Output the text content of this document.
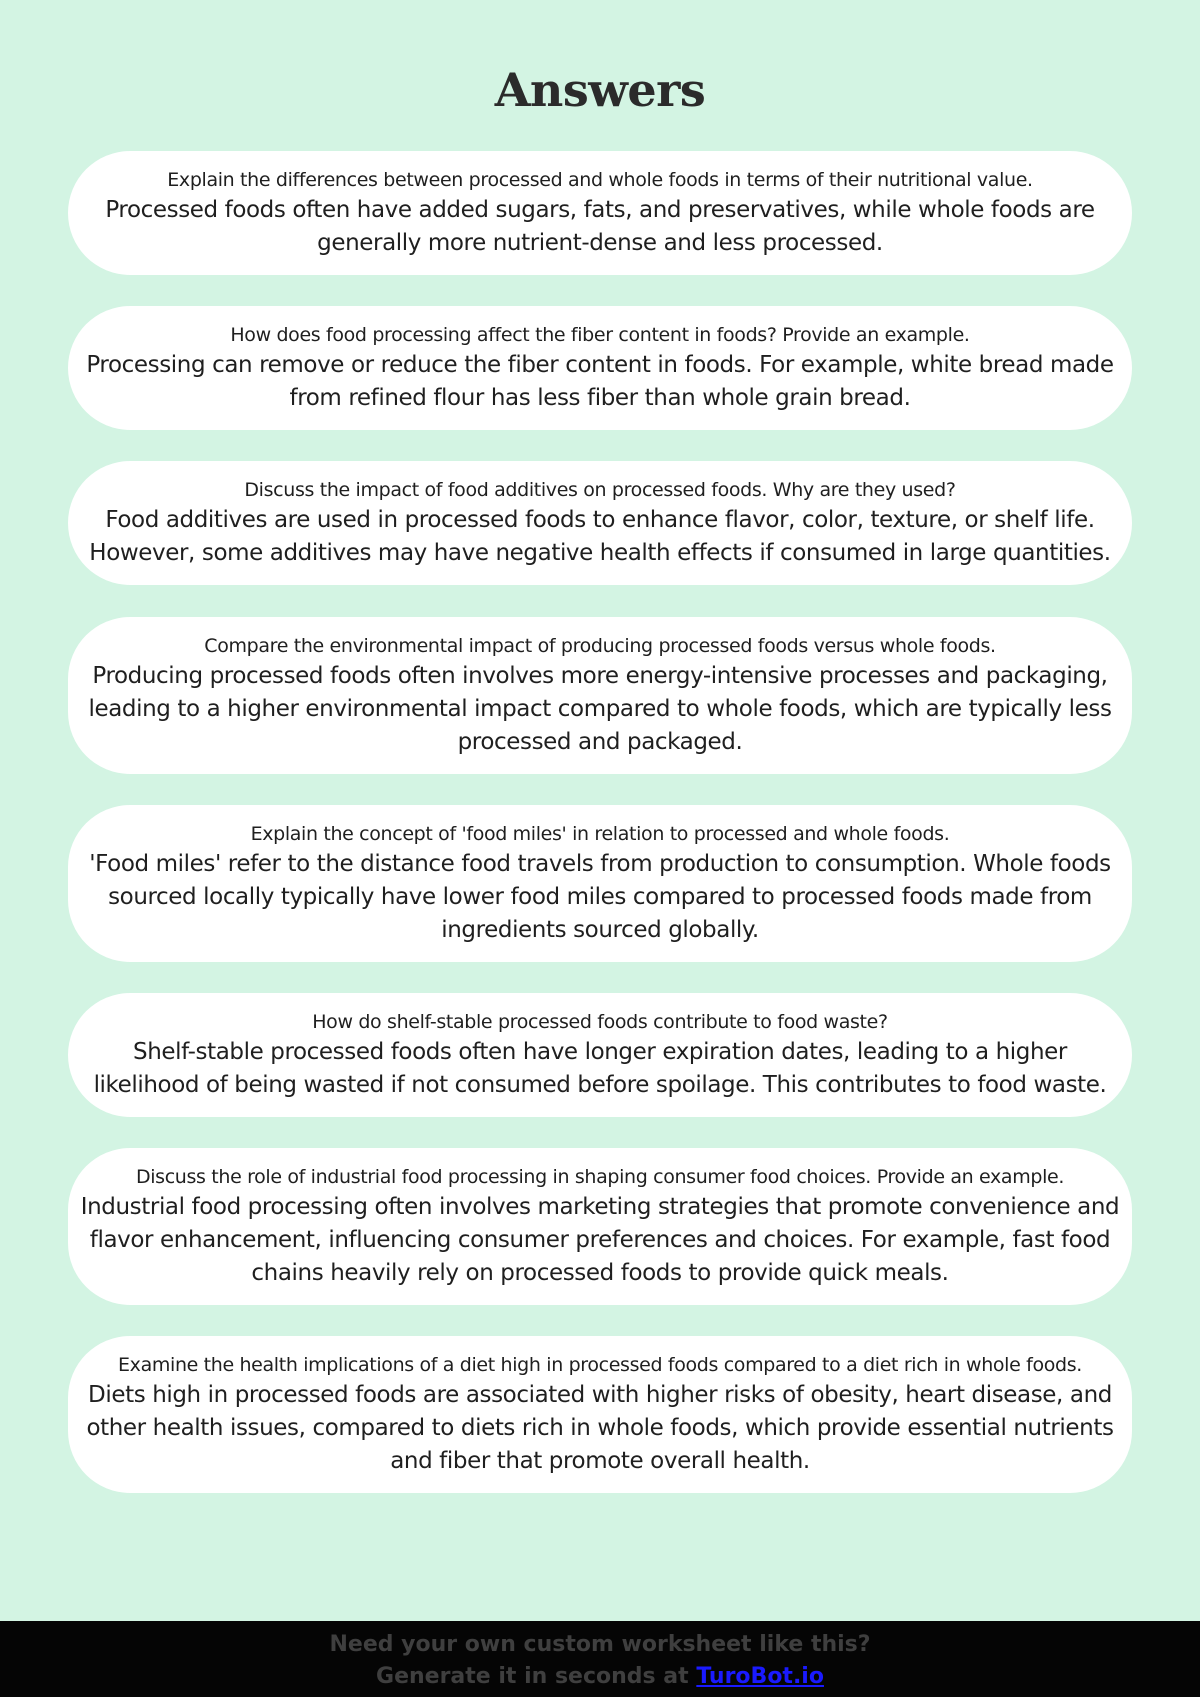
Answers
Explain the differences between processed and whole foods in terms of their nutritional value.
Processed foods often have added sugars, fats, and preservatives, while whole foods are generally more nutrient-dense and less processed.
How does food processing affect the fiber content in foods? Provide an example.
Processing can remove or reduce the fiber content in foods. For example, white bread made from refined flour has less fiber than whole grain bread.
Discuss the impact of food additives on processed foods. Why are they used?
Food additives are used in processed foods to enhance flavor, color, texture, or shelf life. However, some additives may have negative health effects if consumed in large quantities.
Compare the environmental impact of producing processed foods versus whole foods.
Producing processed foods often involves more energy-intensive processes and packaging, leading to a higher environmental impact compared to whole foods, which are typically less processed and packaged.
Explain the concept of 'food miles' in relation to processed and whole foods.
'Food miles' refer to the distance food travels from production to consumption. Whole foods sourced locally typically have lower food miles compared to processed foods made from ingredients sourced globally.
How do shelf-stable processed foods contribute to food waste?
Shelf-stable processed foods often have longer expiration dates, leading to a higher likelihood of being wasted if not consumed before spoilage. This contributes to food waste.
Discuss the role of industrial food processing in shaping consumer food choices. Provide an example.
Industrial food processing often involves marketing strategies that promote convenience and flavor enhancement, influencing consumer preferences and choices. For example, fast food chains heavily rely on processed foods to provide quick meals.
Examine the health implications of a diet high in processed foods compared to a diet rich in whole foods.
Diets high in processed foods are associated with higher risks of obesity, heart disease, and other health issues, compared to diets rich in whole foods, which provide essential nutrients and fiber that promote overall health.
Need your own custom worksheet like this?
Generate it in seconds at TuroBot.io
